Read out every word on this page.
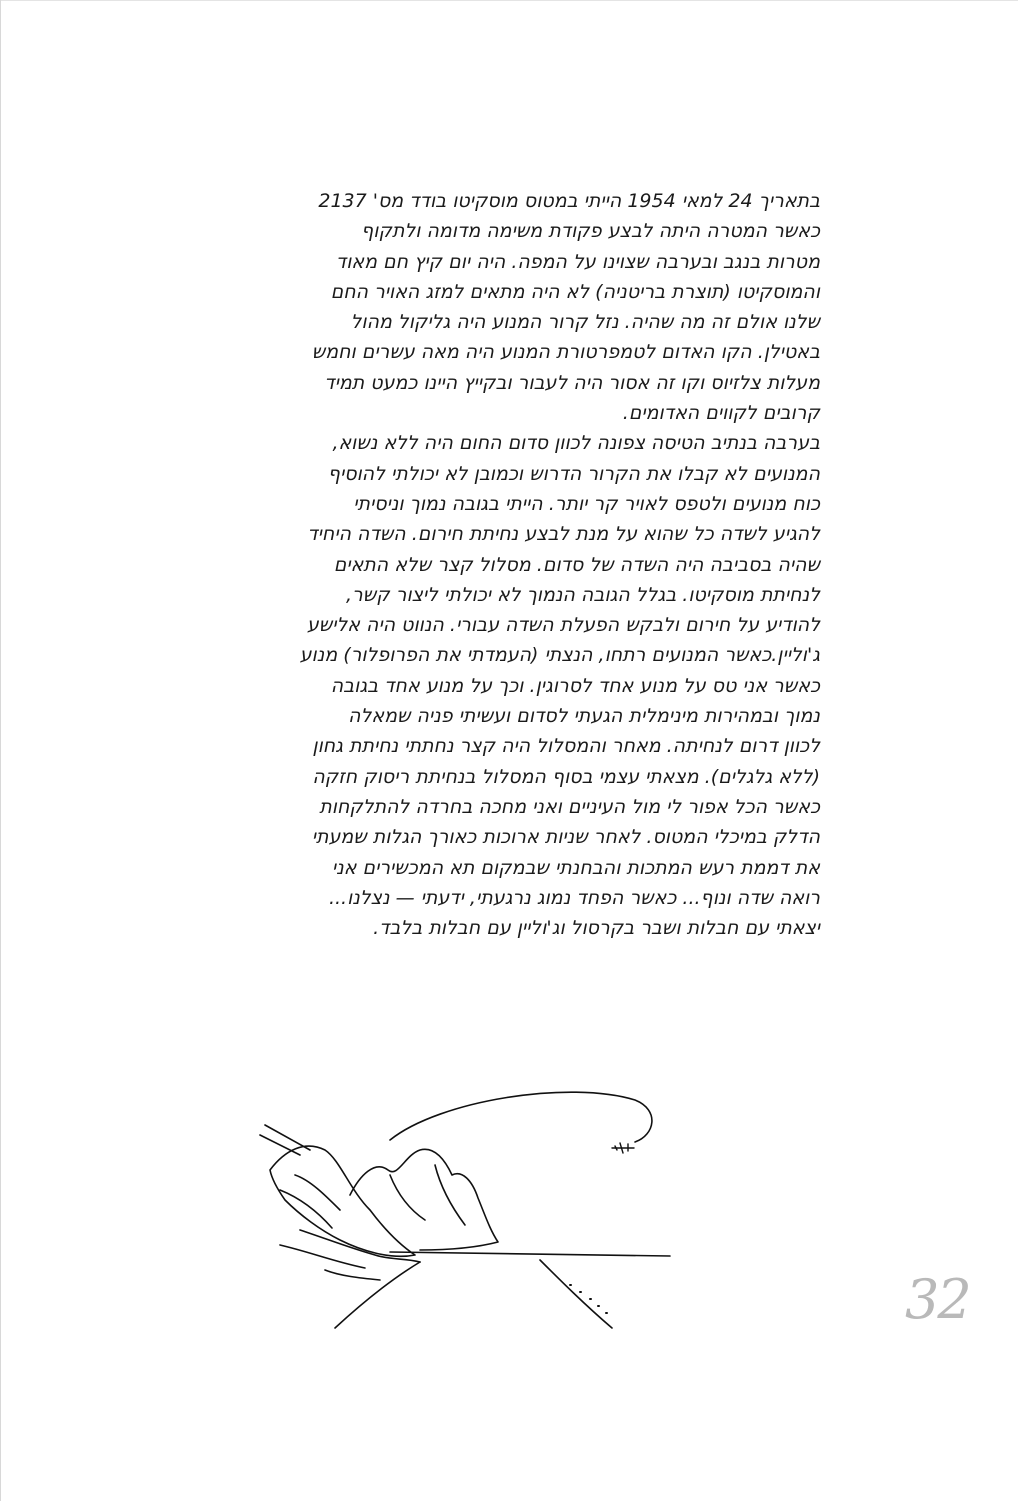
בתאריך 24 למאי 1954 הייתי במטוס מוסקיטו בודד מס' 2137
כאשר המטרה היתה לבצע פקודת משימה מדומה ולתקוף
מטרות בנגב ובערבה שצוינו על המפה. היה יום קיץ חם מאוד
והמוסקיטו (תוצרת בריטניה) לא היה מתאים למזג האויר החם
שלנו אולם זה מה שהיה. נזל קרור המנוע היה גליקול מהול
באטילן. הקו האדום לטמפרטורת המנוע היה מאה עשרים וחמש
מעלות צלזיוס וקו זה אסור היה לעבור ובקייץ היינו כמעט תמיד
קרובים לקווים האדומים.
בערבה בנתיב הטיסה צפונה לכוון סדום החום היה ללא נשוא,
המנועים לא קבלו את הקרור הדרוש וכמובן לא יכולתי להוסיף
כוח מנועים ולטפס לאויר קר יותר. הייתי בגובה נמוך וניסיתי
להגיע לשדה כל שהוא על מנת לבצע נחיתת חירום. השדה היחיד
שהיה בסביבה היה השדה של סדום. מסלול קצר שלא התאים
לנחיתת מוסקיטו. בגלל הגובה הנמוך לא יכולתי ליצור קשר,
להודיע על חירום ולבקש הפעלת השדה עבורי. הנווט היה אלישע
ג'וליין.כאשר המנועים רתחו, הנצתי (העמדתי את הפרופלור) מנוע
כאשר אני טס על מנוע אחד לסרוגין. וכך על מנוע אחד בגובה
נמוך ובמהירות מינימלית הגעתי לסדום ועשיתי פניה שמאלה
לכוון דרום לנחיתה. מאחר והמסלול היה קצר נחתתי נחיתת גחון
(ללא גלגלים). מצאתי עצמי בסוף המסלול בנחיתת ריסוק חזקה
כאשר הכל אפור לי מול העיניים ואני מחכה בחרדה להתלקחות
הדלק במיכלי המטוס. לאחר שניות ארוכות כאורך הגלות שמעתי
את דממת רעש המתכות והבחנתי שבמקום תא המכשירים אני
רואה שדה ונוף... כאשר הפחד נמוג נרגעתי, ידעתי — נצלנו...
יצאתי עם חבלות ושבר בקרסול וג'וליין עם חבלות בלבד.
32
